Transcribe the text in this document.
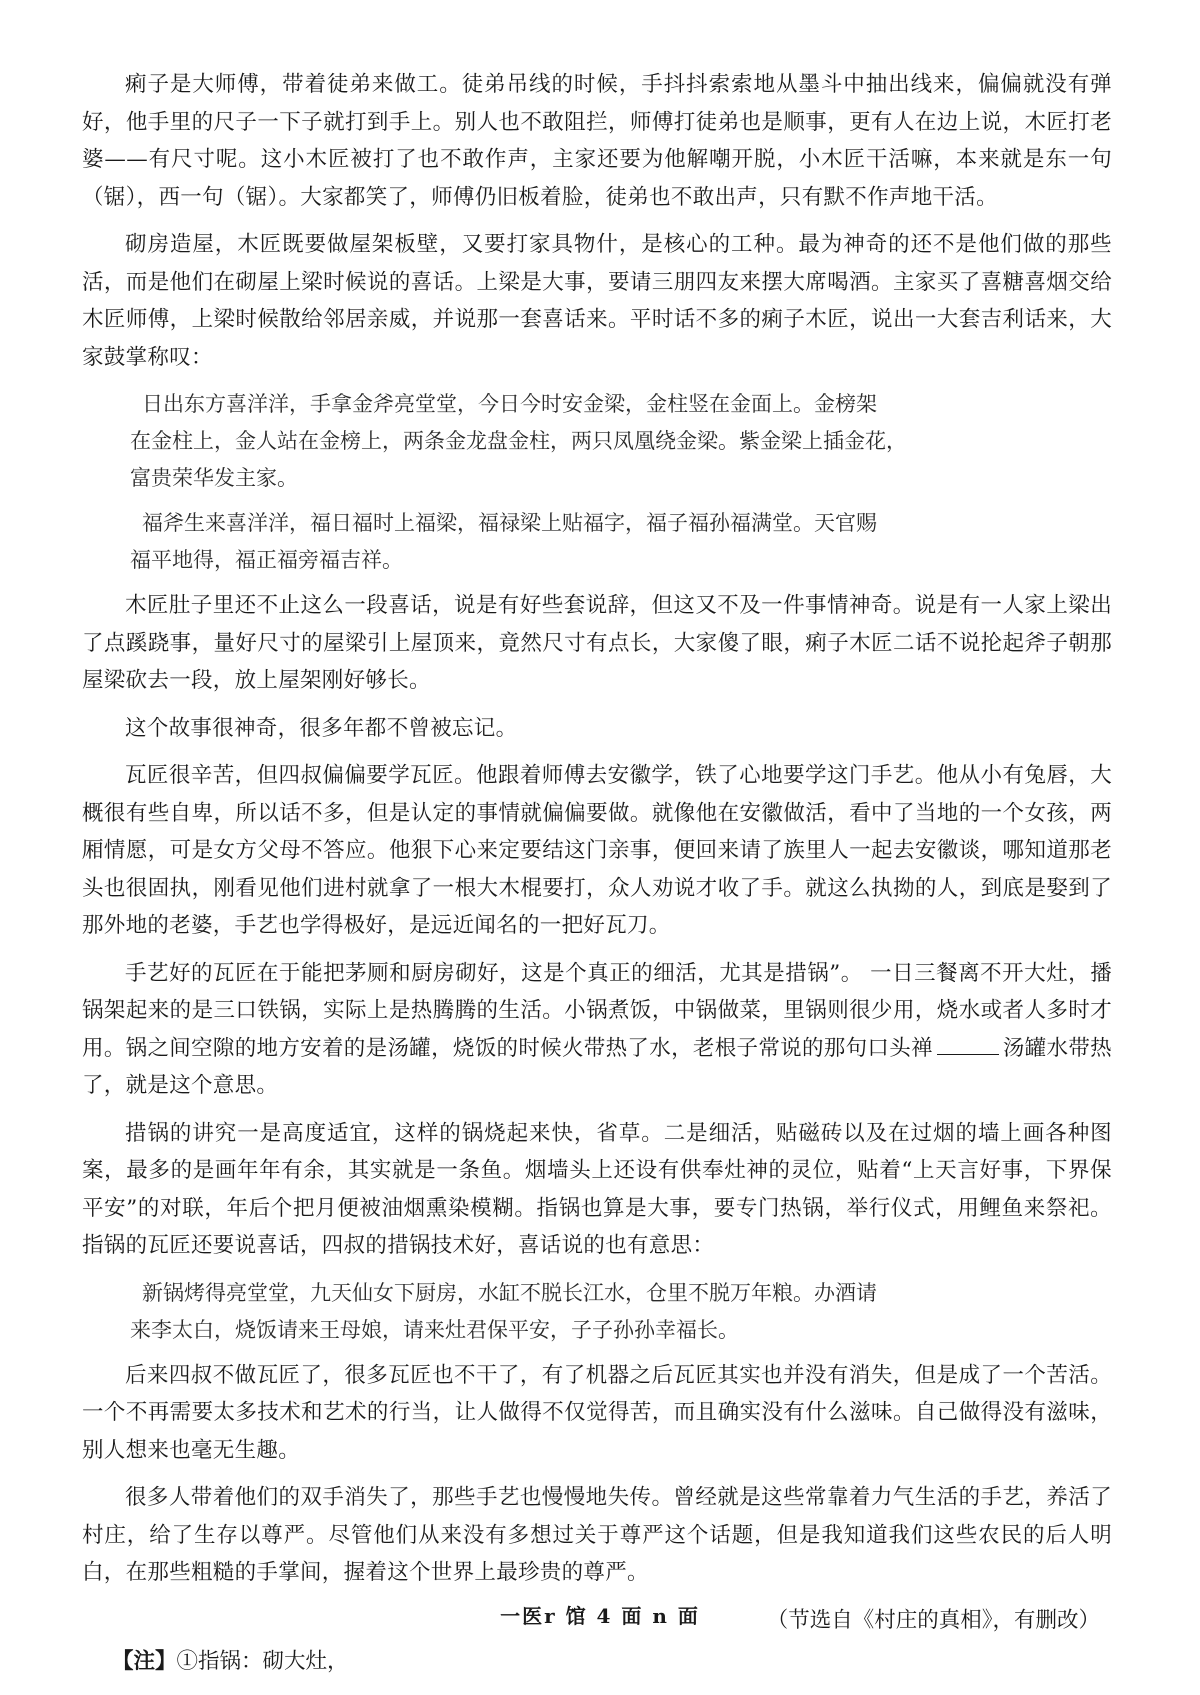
痢子是大师傅，带着徒弟来做工。徒弟吊线的时候，手抖抖索索地从墨斗中抽出线来，偏偏就没有弹好，他手里的尺子一下子就打到手上。别人也不敢阻拦，师傅打徒弟也是顺事，更有人在边上说，木匠打老婆——有尺寸呢。这小木匠被打了也不敢作声，主家还要为他解嘲开脱，小木匠干活嘛，本来就是东一句（锯），西一句（锯）。大家都笑了，师傅仍旧板着脸，徒弟也不敢出声，只有默不作声地干活。

砌房造屋，木匠既要做屋架板壁，又要打家具物什，是核心的工种。最为神奇的还不是他们做的那些活，而是他们在砌屋上梁时候说的喜话。上梁是大事，要请三朋四友来摆大席喝酒。主家买了喜糖喜烟交给木匠师傅，上梁时候散给邻居亲威，并说那一套喜话来。平时话不多的痢子木匠，说出一大套吉利话来，大家鼓掌称叹：

日出东方喜洋洋，手拿金斧亮堂堂，今日今时安金梁，金柱竖在金面上。金榜架
在金柱上，金人站在金榜上，两条金龙盘金柱，两只凤凰绕金梁。紫金梁上插金花，
富贵荣华发主家。
福斧生来喜洋洋，福日福时上福梁，福禄梁上贴福字，福子福孙福满堂。天官赐
福平地得，福正福旁福吉祥。

木匠肚子里还不止这么一段喜话，说是有好些套说辞，但这又不及一件事情神奇。说是有一人家上梁出了点蹊跷事，量好尺寸的屋梁引上屋顶来，竟然尺寸有点长，大家傻了眼，痢子木匠二话不说抡起斧子朝那屋梁砍去一段，放上屋架刚好够长。

这个故事很神奇，很多年都不曾被忘记。

瓦匠很辛苦，但四叔偏偏要学瓦匠。他跟着师傅去安徽学，铁了心地要学这门手艺。他从小有兔唇，大概很有些自卑，所以话不多，但是认定的事情就偏偏要做。就像他在安徽做活，看中了当地的一个女孩，两厢情愿，可是女方父母不答应。他狠下心来定要结这门亲事，便回来请了族里人一起去安徽谈，哪知道那老头也很固执，刚看见他们进村就拿了一根大木棍要打，众人劝说才收了手。就这么执拗的人，到底是娶到了那外地的老婆，手艺也学得极好，是远近闻名的一把好瓦刀。

手艺好的瓦匠在于能把茅厕和厨房砌好，这是个真正的细活，尤其是措锅”。 一日三餐离不开大灶，播锅架起来的是三口铁锅，实际上是热腾腾的生活。小锅煮饭，中锅做菜，里锅则很少用，烧水或者人多时才用。锅之间空隙的地方安着的是汤罐，烧饭的时候火带热了水，老根子常说的那句口头禅	汤罐水带热了，就是这个意思。

措锅的讲究一是高度适宜，这样的锅烧起来快，省草。二是细活，贴磁砖以及在过烟的墙上画各种图案，最多的是画年年有余，其实就是一条鱼。烟墙头上还设有供奉灶神的灵位，贴着“上天言好事，下界保平安”的对联，年后个把月便被油烟熏染模糊。指锅也算是大事，要专门热锅，举行仪式，用鲤鱼来祭祀。指锅的瓦匠还要说喜话，四叔的措锅技术好，喜话说的也有意思：

新锅烤得亮堂堂，九天仙女下厨房，水缸不脱长江水，仓里不脱万年粮。办酒请
来李太白，烧饭请来王母娘，请来灶君保平安，子子孙孙幸福长。

后来四叔不做瓦匠了，很多瓦匠也不干了，有了机器之后瓦匠其实也并没有消失，但是成了一个苦活。 一个不再需要太多技术和艺术的行当，让人做得不仅觉得苦，而且确实没有什么滋味。自己做得没有滋味，别人想来也毫无生趣。

很多人带着他们的双手消失了，那些手艺也慢慢地失传。曾经就是这些常靠着力气生活的手艺，养活了村庄，给了生存以尊严。尽管他们从来没有多想过关于尊严这个话题，但是我知道我们这些农民的后人明白，在那些粗糙的手掌间，握着这个世界上最珍贵的尊严。

（节选自《村庄的真相》，有删改）
【注】①指锅：砌大灶，
一医r 馆 4 面 n 面
